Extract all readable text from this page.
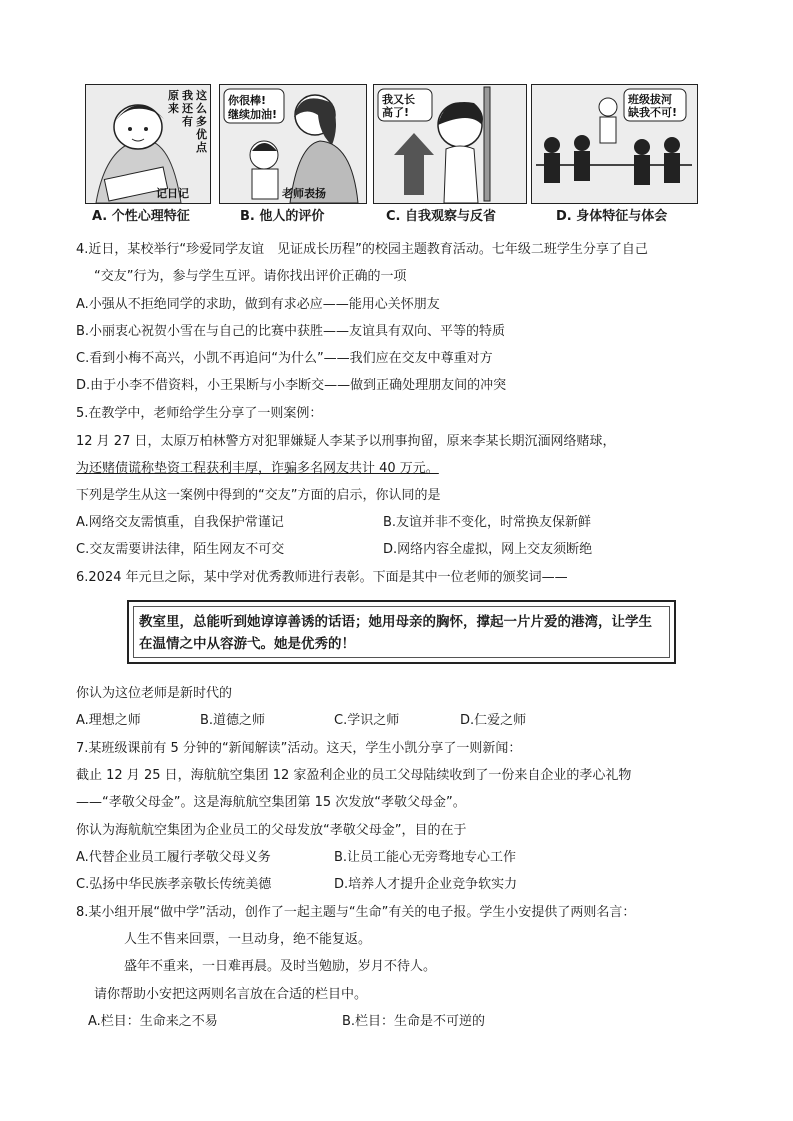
原
来
我
还
有
这
么
多
优
点
记日记
你很棒!
继续加油!
老师表扬
我又长
高了!
班级拔河
缺我不可!
A. 个性心理特征	B. 他人的评价	C. 自我观察与反省	D. 身体特征与体会
4.近日，某校举行“珍爱同学友谊　见证成长历程”的校园主题教育活动。七年级二班学生分享了自己
“交友”行为，参与学生互评。请你找出评价正确的一项
A.小强从不拒绝同学的求助，做到有求必应——能用心关怀朋友
B.小丽衷心祝贺小雪在与自己的比赛中获胜——友谊具有双向、平等的特质
C.看到小梅不高兴，小凯不再追问“为什么”——我们应在交友中尊重对方
D.由于小李不借资料，小王果断与小李断交——做到正确处理朋友间的冲突
5.在教学中，老师给学生分享了一则案例：
12 月 27 日，太原万柏林警方对犯罪嫌疑人李某予以刑事拘留，原来李某长期沉湎网络赌球，
为还赌债谎称垫资工程获利丰厚，诈骗多名网友共计 40 万元。
下列是学生从这一案例中得到的“交友”方面的启示，你认同的是
A.网络交友需慎重，自我保护常谨记	B.友谊并非不变化，时常换友保新鲜
C.交友需要讲法律，陌生网友不可交	D.网络内容全虚拟，网上交友须断绝
6.2024 年元旦之际，某中学对优秀教师进行表彰。下面是其中一位老师的颁奖词——
教室里，总能听到她谆谆善诱的话语；她用母亲的胸怀，撑起一片片爱的港湾，让学生在温情之中从容游弋。她是优秀的！
你认为这位老师是新时代的
A.理想之师	B.道德之师	C.学识之师	D.仁爱之师
7.某班级课前有 5 分钟的“新闻解读”活动。这天，学生小凯分享了一则新闻：
截止 12 月 25 日，海航航空集团 12 家盈利企业的员工父母陆续收到了一份来自企业的孝心礼物
——“孝敬父母金”。这是海航航空集团第 15 次发放“孝敬父母金”。
你认为海航航空集团为企业员工的父母发放“孝敬父母金”，目的在于
A.代替企业员工履行孝敬父母义务	B.让员工能心无旁骛地专心工作
C.弘扬中华民族孝亲敬长传统美德	D.培养人才提升企业竞争软实力
8.某小组开展“做中学”活动，创作了一起主题与“生命”有关的电子报。学生小安提供了两则名言：
人生不售来回票，一旦动身，绝不能复返。
盛年不重来，一日难再晨。及时当勉励，岁月不待人。
请你帮助小安把这两则名言放在合适的栏目中。
A.栏目：生命来之不易	B.栏目：生命是不可逆的
